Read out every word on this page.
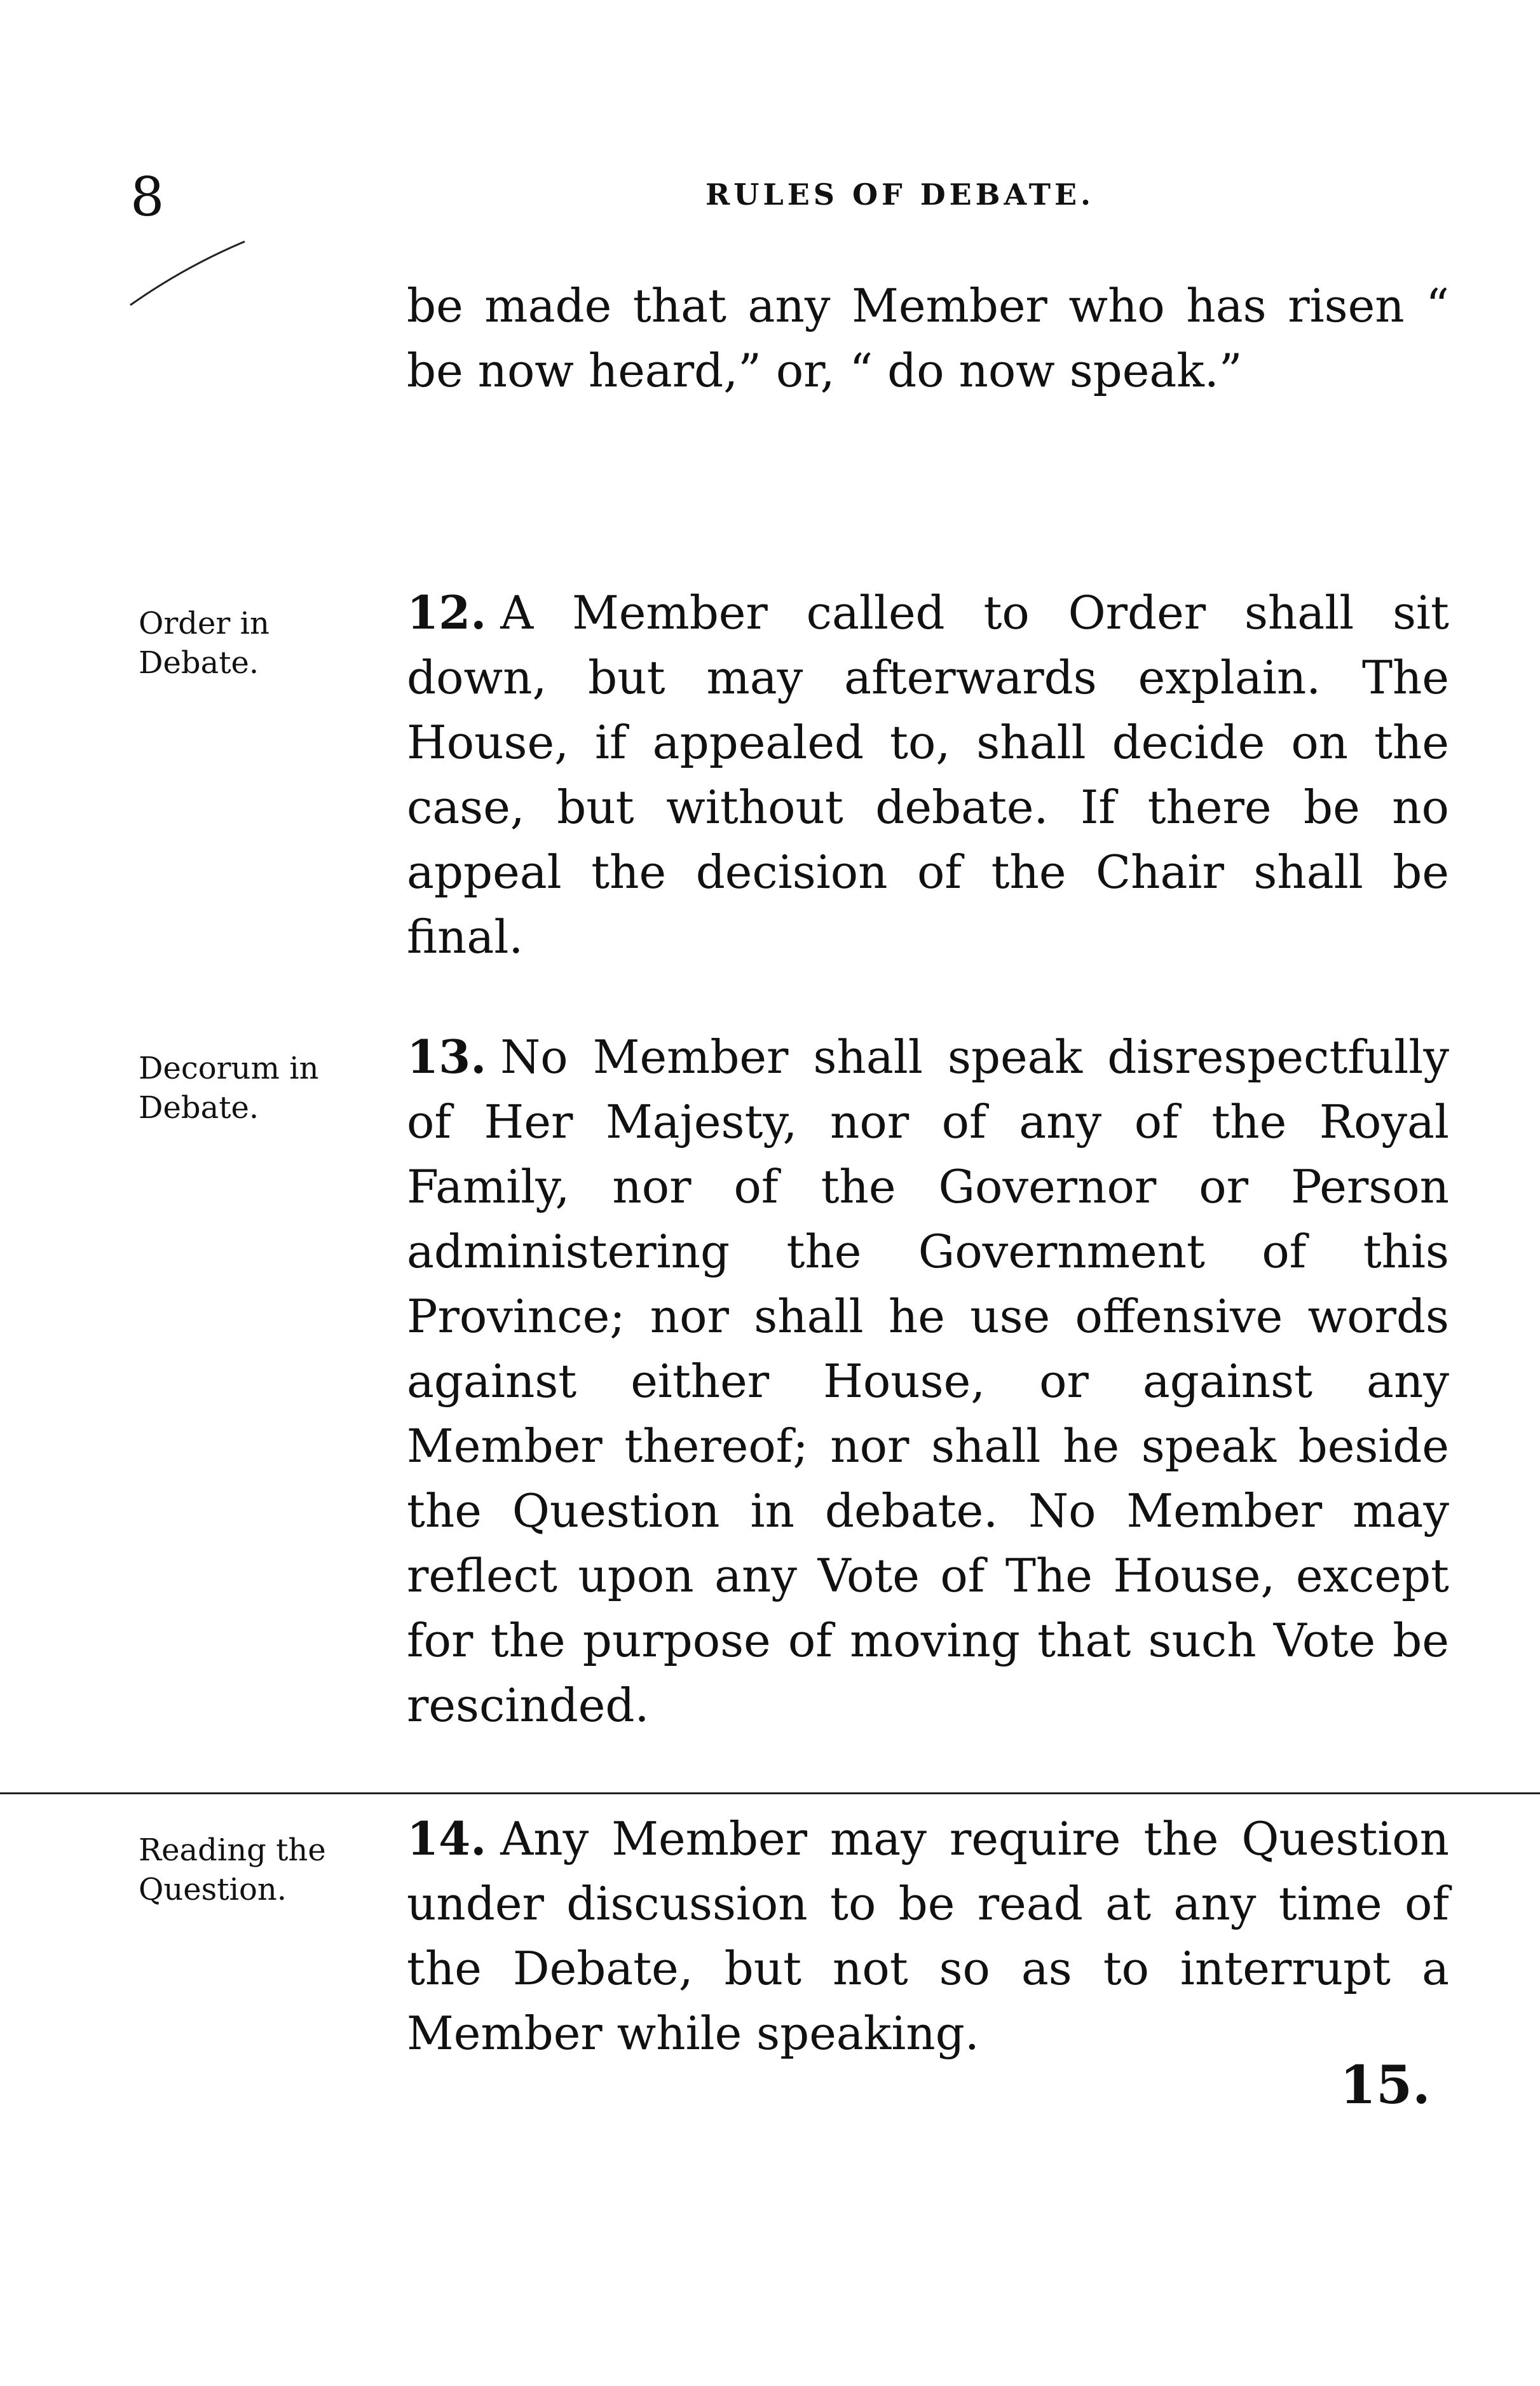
8	RULES OF DEBATE.

be made that any Member who has risen “ be now heard,” or, “ do now speak.”

Order in Debate.

12. A Member called to Order shall sit down, but may afterwards explain. The House, if appealed to, shall decide on the case, but without debate. If there be no appeal the decision of the Chair shall be final.

Decorum in Debate.

13. No Member shall speak disrespectfully of Her Majesty, nor of any of the Royal Family, nor of the Governor or Person administering the Government of this Province; nor shall he use offensive words against either House, or against any Member thereof; nor shall he speak beside the Question in debate. No Member may reflect upon any Vote of The House, except for the purpose of moving that such Vote be rescinded.

Reading the Question.

14. Any Member may require the Question under discussion to be read at any time of the Debate, but not so as to interrupt a Member while speaking.

15.
